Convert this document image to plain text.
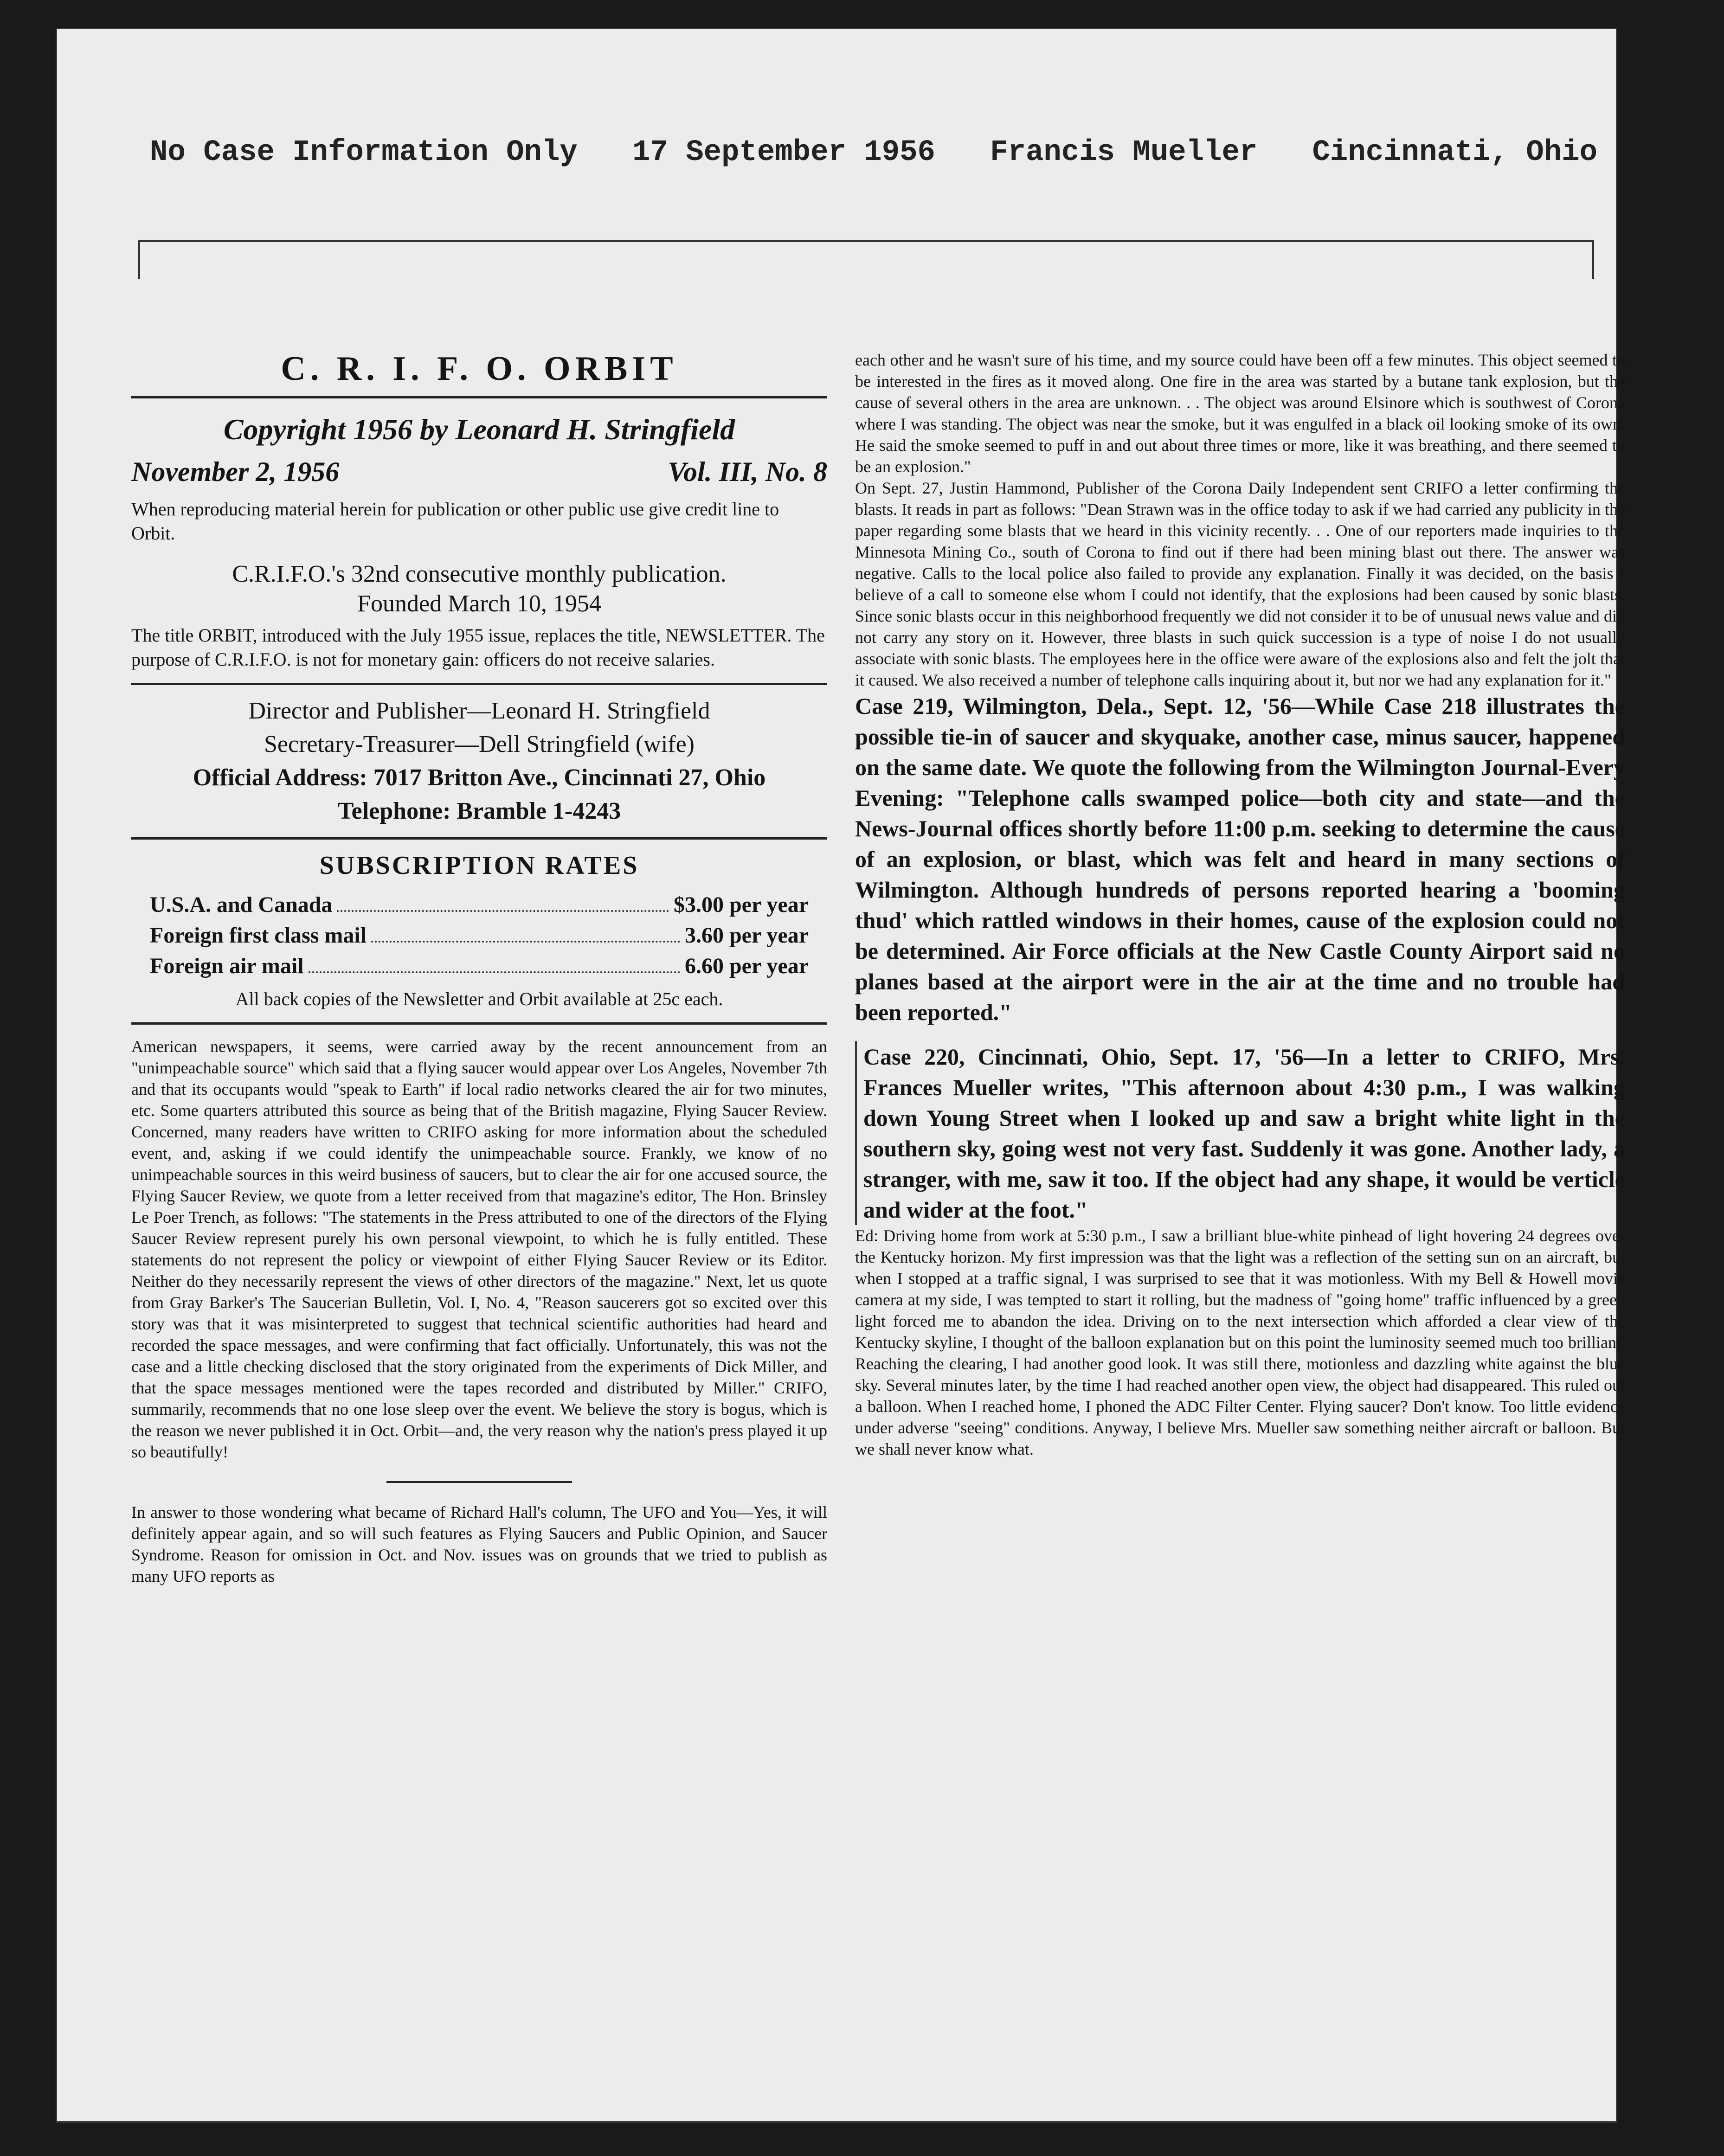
No Case Information Only 17 September 1956 Francis Mueller Cincinnati, Ohio
C. R. I. F. O. ORBIT
Copyright 1956 by Leonard H. Stringfield
November 2, 1956	Vol. III, No. 8
When reproducing material herein for publication or other public use give credit line to Orbit.
C.R.I.F.O.'s 32nd consecutive monthly publication.
Founded March 10, 1954
The title ORBIT, introduced with the July 1955 issue, replaces the title, NEWSLETTER. The purpose of C.R.I.F.O. is not for monetary gain: officers do not receive salaries.
Director and Publisher—Leonard H. Stringfield
Secretary-Treasurer—Dell Stringfield (wife)
Official Address: 7017 Britton Ave., Cincinnati 27, Ohio
Telephone: Bramble 1-4243
SUBSCRIPTION RATES
U.S.A. and Canada	$3.00 per year
Foreign first class mail	3.60 per year
Foreign air mail	6.60 per year
All back copies of the Newsletter and Orbit available at 25c each.

American newspapers, it seems, were carried away by the recent announcement from an "unimpeachable source" which said that a flying saucer would appear over Los Angeles, November 7th and that its occupants would "speak to Earth" if local radio networks cleared the air for two minutes, etc. Some quarters attributed this source as being that of the British magazine, Flying Saucer Review. Concerned, many readers have written to CRIFO asking for more information about the scheduled event, and, asking if we could identify the unimpeachable source. Frankly, we know of no unimpeachable sources in this weird business of saucers, but to clear the air for one accused source, the Flying Saucer Review, we quote from a letter received from that magazine's editor, The Hon. Brinsley Le Poer Trench, as follows: "The statements in the Press attributed to one of the directors of the Flying Saucer Review represent purely his own personal viewpoint, to which he is fully entitled. These statements do not represent the policy or viewpoint of either Flying Saucer Review or its Editor. Neither do they necessarily represent the views of other directors of the magazine." Next, let us quote from Gray Barker's The Saucerian Bulletin, Vol. I, No. 4, "Reason saucerers got so excited over this story was that it was misinterpreted to suggest that technical scientific authorities had heard and recorded the space messages, and were confirming that fact officially. Unfortunately, this was not the case and a little checking disclosed that the story originated from the experiments of Dick Miller, and that the space messages mentioned were the tapes recorded and distributed by Miller." CRIFO, summarily, recommends that no one lose sleep over the event. We believe the story is bogus, which is the reason we never published it in Oct. Orbit—and, the very reason why the nation's press played it up so beautifully!

In answer to those wondering what became of Richard Hall's column, The UFO and You—Yes, it will definitely appear again, and so will such features as Flying Saucers and Public Opinion, and Saucer Syndrome. Reason for omission in Oct. and Nov. issues was on grounds that we tried to publish as many UFO reports as

each other and he wasn't sure of his time, and my source could have been off a few minutes. This object seemed to be interested in the fires as it moved along. One fire in the area was started by a butane tank explosion, but the cause of several others in the area are unknown. . . The object was around Elsinore which is southwest of Corona where I was standing. The object was near the smoke, but it was engulfed in a black oil looking smoke of its own. He said the smoke seemed to puff in and out about three times or more, like it was breathing, and there seemed to be an explosion."

On Sept. 27, Justin Hammond, Publisher of the Corona Daily Independent sent CRIFO a letter confirming the blasts. It reads in part as follows: "Dean Strawn was in the office today to ask if we had carried any publicity in the paper regarding some blasts that we heard in this vicinity recently. . . One of our reporters made inquiries to the Minnesota Mining Co., south of Corona to find out if there had been mining blast out there. The answer was negative. Calls to the local police also failed to provide any explanation. Finally it was decided, on the basis I believe of a call to someone else whom I could not identify, that the explosions had been caused by sonic blasts. Since sonic blasts occur in this neighborhood frequently we did not consider it to be of unusual news value and did not carry any story on it. However, three blasts in such quick succession is a type of noise I do not usually associate with sonic blasts. The employees here in the office were aware of the explosions also and felt the jolt that it caused. We also received a number of telephone calls inquiring about it, but nor we had any explanation for it."

Case 219, Wilmington, Dela., Sept. 12, '56—While Case 218 illustrates the possible tie-in of saucer and skyquake, another case, minus saucer, happened on the same date. We quote the following from the Wilmington Journal-Every Evening: "Telephone calls swamped police—both city and state—and the News-Journal offices shortly before 11:00 p.m. seeking to determine the cause of an explosion, or blast, which was felt and heard in many sections of Wilmington. Although hundreds of persons reported hearing a 'booming thud' which rattled windows in their homes, cause of the explosion could not be determined. Air Force officials at the New Castle County Airport said no planes based at the airport were in the air at the time and no trouble had been reported."

Case 220, Cincinnati, Ohio, Sept. 17, '56—In a letter to CRIFO, Mrs. Frances Mueller writes, "This afternoon about 4:30 p.m., I was walking down Young Street when I looked up and saw a bright white light in the southern sky, going west not very fast. Suddenly it was gone. Another lady, a stranger, with me, saw it too. If the object had any shape, it would be verticle and wider at the foot."

Ed: Driving home from work at 5:30 p.m., I saw a brilliant blue-white pinhead of light hovering 24 degrees over the Kentucky horizon. My first impression was that the light was a reflection of the setting sun on an aircraft, but when I stopped at a traffic signal, I was surprised to see that it was motionless. With my Bell & Howell movie camera at my side, I was tempted to start it rolling, but the madness of "going home" traffic influenced by a green light forced me to abandon the idea. Driving on to the next intersection which afforded a clear view of the Kentucky skyline, I thought of the balloon explanation but on this point the luminosity seemed much too brilliant. Reaching the clearing, I had another good look. It was still there, motionless and dazzling white against the blue sky. Several minutes later, by the time I had reached another open view, the object had disappeared. This ruled out a balloon. When I reached home, I phoned the ADC Filter Center. Flying saucer? Don't know. Too little evidence under adverse "seeing" conditions. Anyway, I believe Mrs. Mueller saw something neither aircraft or balloon. But we shall never know what.
